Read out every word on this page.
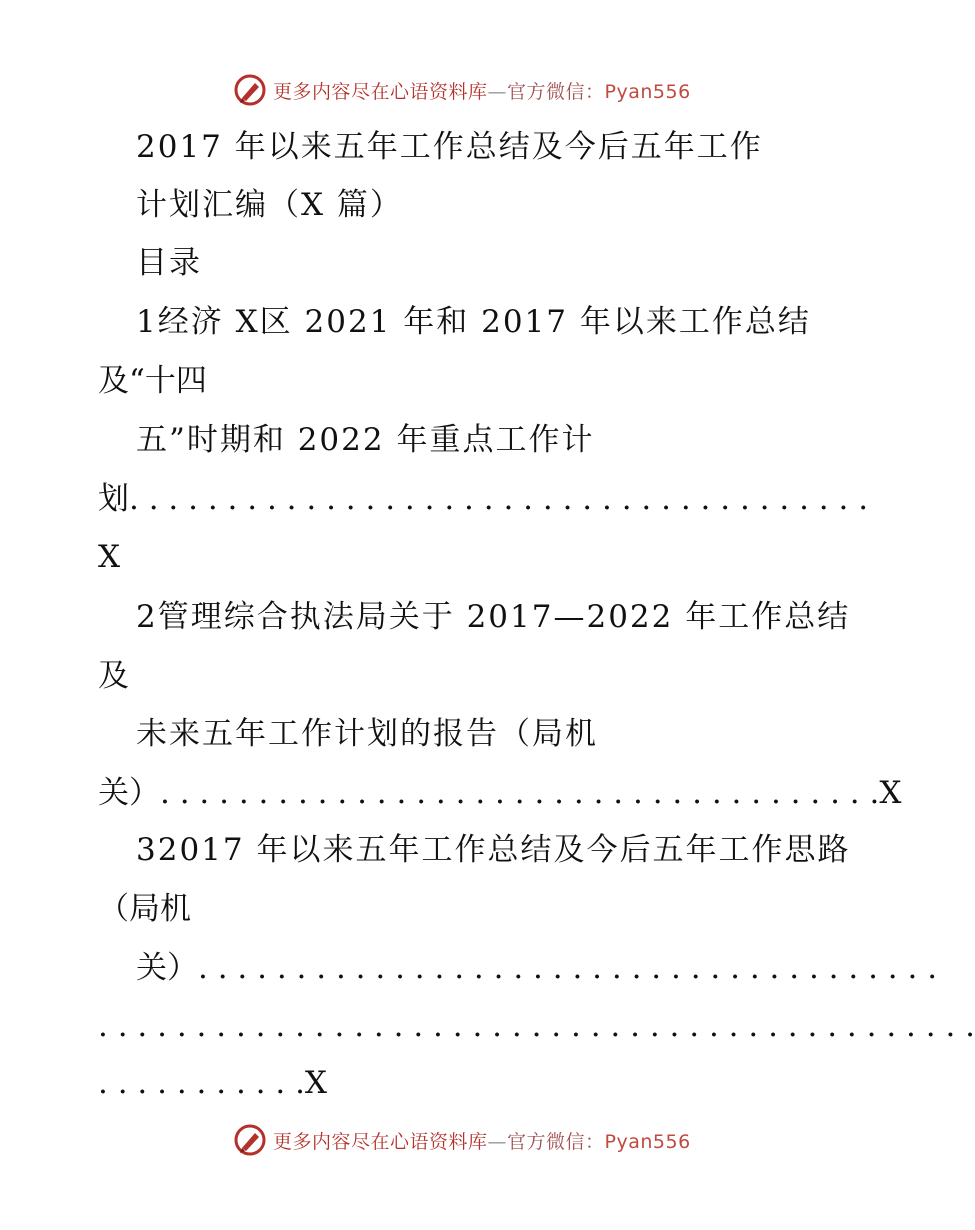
更多内容尽在心语资料库—官方微信：Pyan556
2017 年以来五年工作总结及今后五年工作
计划汇编（X 篇）
目录
1经济 X区 2021 年和 2017 年以来工作总结
及“十四
五”时期和 2022 年重点工作计
划. . . . . . . . . . . . . . . . . . . . . . . . . . . . . . . . . . . . . .
X
2管理综合执法局关于 2017—2022 年工作总结
及
未来五年工作计划的报告（局机
关）. . . . . . . . . . . . . . . . . . . . . . . . . . . . . . . . . . . . .X
32017 年以来五年工作总结及今后五年工作思路
（局机
关）. . . . . . . . . . . . . . . . . . . . . . . . . . . . . . . . . . . . . .
. . . . . . . . . . . . . . . . . . . . . . . . . . . . . . . . . . . . . . . . . . . . .
. . . . . . . . . . .X
更多内容尽在心语资料库—官方微信：Pyan556
